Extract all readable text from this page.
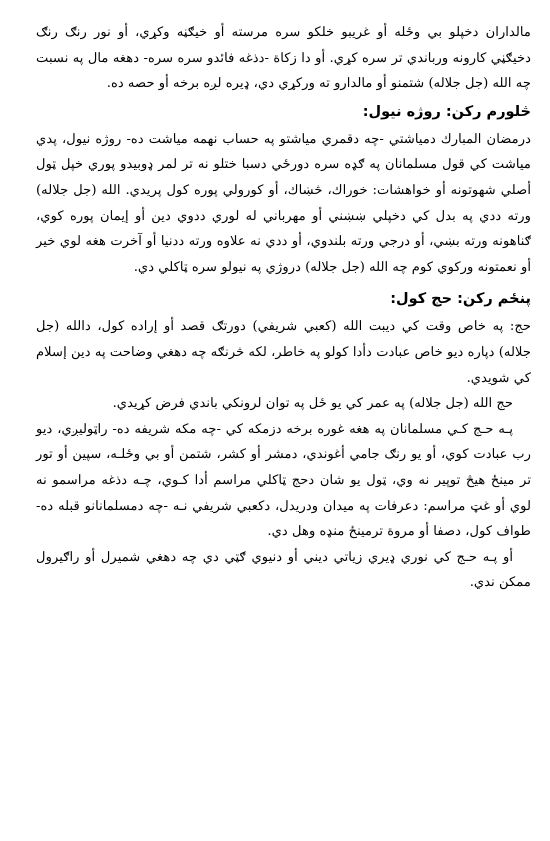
مالداران دخپلو بي وځله أو غريبو خلكو سره مرسته أو خيګڼه وكړي، أو نور رنګ رنګ دخيګڼي كارونه ورباندي تر سره كړي. أو دا زكاة -دذغه فائدو سره سره- دهغه مال په نسبت چه الله (جل جلاله) شتمنو أو مالدارو ته وركړي دي، ډيره لږه برخه أو حصه ده.

څلورم ركن: روژه نيول:

درمضان المبارك دمياشتي -چه دقمري مياشتو په حساب نهمه مياشت ده- روژه نيول، پدي مياشت كي قول مسلمانان په ګډه سره دورځي دسبا ختلو نه تر لمر ډوبيدو پوري خپل ټول أصلي شهوتونه أو خواهشات: خوراك، څښاك، أو كورولي پوره كول پريدي. الله (جل جلاله) ورته ددي په بدل كي دخپلي ښښني أو مهرباني له لوري ددوي دين أو إيمان پوره كوي، ګناهونه ورته بښي، أو درجي ورته بلندوي، أو ددي نه علاوه ورته ددنيا أو آخرت هغه لوي خير أو نعمتونه وركوي كوم چه الله (جل جلاله) دروژي په نيولو سره ټاكلي دي.

پنځم ركن: حج كول:

حج: په خاص وقت كي ديبت الله (كعبي شريفي) دورتګ قصد أو إراده كول، دالله (جل جلاله) دپاره ديو خاص عبادت دأدا كولو په خاطر، لكه څرنګه چه دهغي وضاحت په دين إسلام كي شويدي.

حج الله (جل جلاله) په عمر كي يو ځل په توان لرونكي باندي فرض كړيدي.

پـه حـج كـي مسلمانان په هغه غوره برخه دزمكه كي -چه مكه شريفه ده- راټوليږي، ديو رب عبادت كوي، أو يو رنګ جامي أغوندي، دمشر أو كشر، شتمن أو بي وځلـه، سپين أو تور تر مينځ هيڅ توپير نه وي، ټول يو شان دحج ټاكلي مراسم أدا كـوي، چـه دذغه مراسمو نه لوي أو غټ مراسم: دعرفات په ميدان ودريدل، دكعبي شريفي نـه -چه دمسلمانانو قبله ده- طواف كول، دصفا أو مروة ترمينځ منډه وهل دي.

أو پـه حـج كي نوري ډيري زياتي ديني أو دنيوي ګټي دي چه دهغي شميرل أو راګيرول ممكن ندي.
